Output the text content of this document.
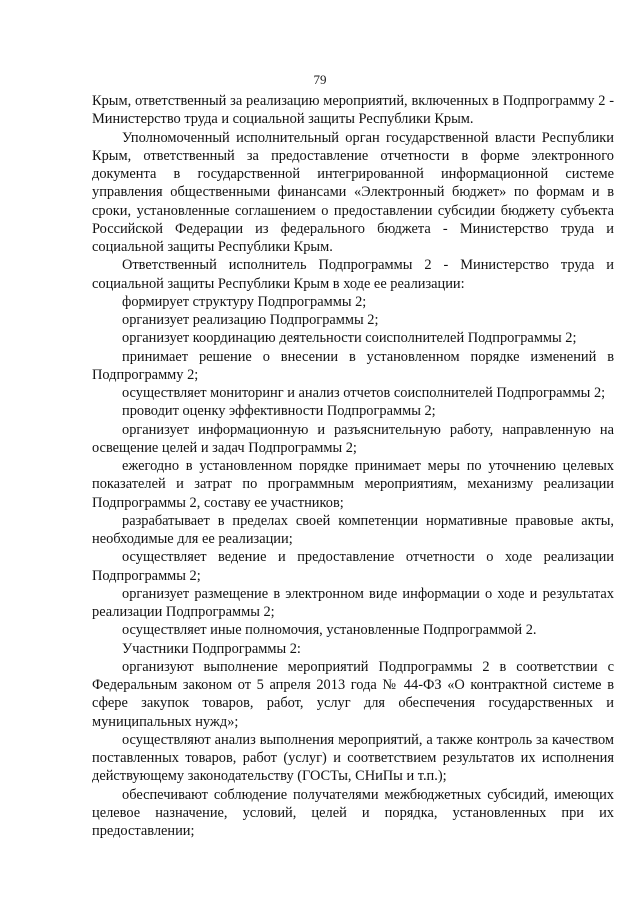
79

Крым, ответственный за реализацию мероприятий, включенных в Подпрограмму 2 - Министерство труда и социальной защиты Республики Крым.

Уполномоченный исполнительный орган государственной власти Республики Крым, ответственный за предоставление отчетности в форме электронного документа в государственной интегрированной информационной системе управления общественными финансами «Электронный бюджет» по формам и в сроки, установленные соглашением о предоставлении субсидии бюджету субъекта Российской Федерации из федерального бюджета - Министерство труда и социальной защиты Республики Крым.

Ответственный исполнитель Подпрограммы 2 - Министерство труда и социальной защиты Республики Крым в ходе ее реализации:

формирует структуру Подпрограммы 2;

организует реализацию Подпрограммы 2;

организует координацию деятельности соисполнителей Подпрограммы 2;

принимает решение о внесении в установленном порядке изменений в Подпрограмму 2;

осуществляет мониторинг и анализ отчетов соисполнителей Подпрограммы 2;

проводит оценку эффективности Подпрограммы 2;

организует информационную и разъяснительную работу, направленную на освещение целей и задач Подпрограммы 2;

ежегодно в установленном порядке принимает меры по уточнению целевых показателей и затрат по программным мероприятиям, механизму реализации Подпрограммы 2, составу ее участников;

разрабатывает в пределах своей компетенции нормативные правовые акты, необходимые для ее реализации;

осуществляет ведение и предоставление отчетности о ходе реализации Подпрограммы 2;

организует размещение в электронном виде информации о ходе и результатах реализации Подпрограммы 2;

осуществляет иные полномочия, установленные Подпрограммой 2.

Участники Подпрограммы 2:

организуют выполнение мероприятий Подпрограммы 2 в соответствии с Федеральным законом от 5 апреля 2013 года № 44-ФЗ «О контрактной системе в сфере закупок товаров, работ, услуг для обеспечения государственных и муниципальных нужд»;

осуществляют анализ выполнения мероприятий, а также контроль за качеством поставленных товаров, работ (услуг) и соответствием результатов их исполнения действующему законодательству (ГОСТы, СНиПы и т.п.);

обеспечивают соблюдение получателями межбюджетных субсидий, имеющих целевое назначение, условий, целей и порядка, установленных при их предоставлении;
